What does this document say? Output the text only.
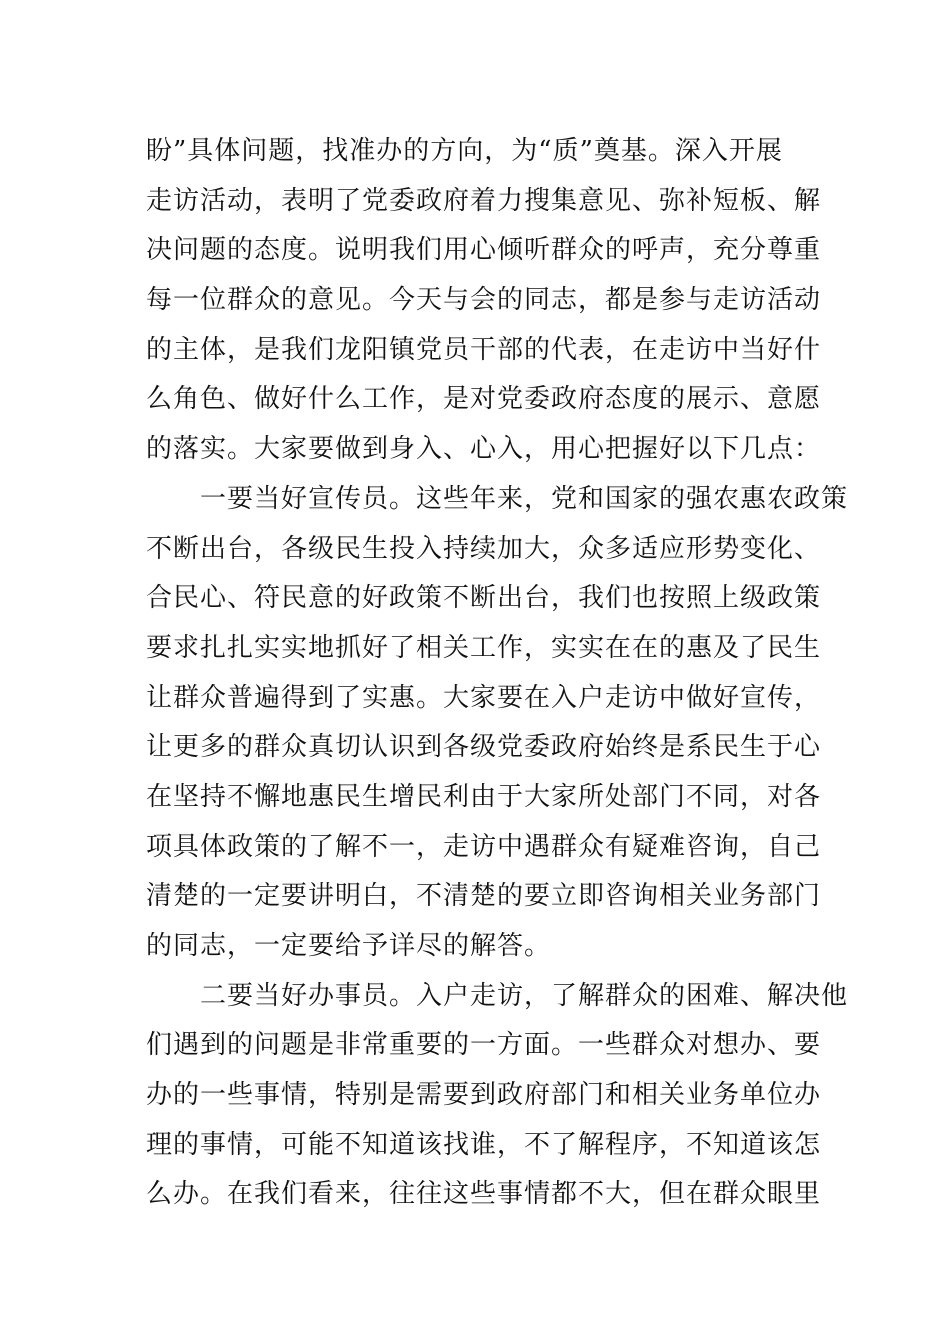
盼”具体问题，找准办的方向，为“质”奠基。深入开展
走访活动，表明了党委政府着力搜集意见、弥补短板、解
决问题的态度。说明我们用心倾听群众的呼声，充分尊重
每一位群众的意见。今天与会的同志，都是参与走访活动
的主体，是我们龙阳镇党员干部的代表，在走访中当好什
么角色、做好什么工作，是对党委政府态度的展示、意愿
的落实。大家要做到身入、心入，用心把握好以下几点：
　　一要当好宣传员。这些年来，党和国家的强农惠农政策
不断出台，各级民生投入持续加大，众多适应形势变化、
合民心、符民意的好政策不断出台，我们也按照上级政策
要求扎扎实实地抓好了相关工作，实实在在的惠及了民生
让群众普遍得到了实惠。大家要在入户走访中做好宣传，
让更多的群众真切认识到各级党委政府始终是系民生于心
在坚持不懈地惠民生增民利由于大家所处部门不同，对各
项具体政策的了解不一，走访中遇群众有疑难咨询，自己
清楚的一定要讲明白，不清楚的要立即咨询相关业务部门
的同志，一定要给予详尽的解答。
　　二要当好办事员。入户走访，了解群众的困难、解决他
们遇到的问题是非常重要的一方面。一些群众对想办、要
办的一些事情，特别是需要到政府部门和相关业务单位办
理的事情，可能不知道该找谁，不了解程序，不知道该怎
么办。在我们看来，往往这些事情都不大，但在群众眼里
